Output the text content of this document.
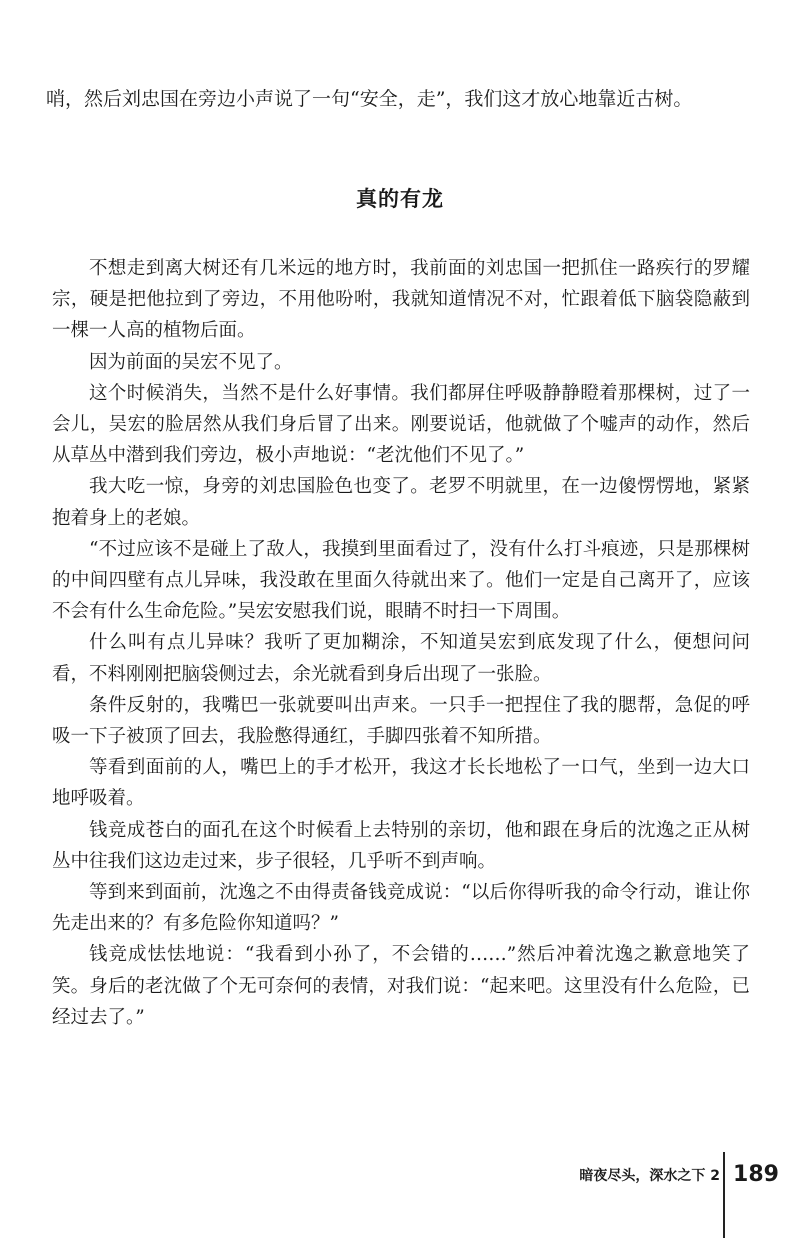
哨，然后刘忠国在旁边小声说了一句“安全，走”，我们这才放心地靠近古树。

真的有龙

不想走到离大树还有几米远的地方时，我前面的刘忠国一把抓住一路疾行的罗耀宗，硬是把他拉到了旁边，不用他吩咐，我就知道情况不对，忙跟着低下脑袋隐蔽到一棵一人高的植物后面。

因为前面的吴宏不见了。

这个时候消失，当然不是什么好事情。我们都屏住呼吸静静瞪着那棵树，过了一会儿，吴宏的脸居然从我们身后冒了出来。刚要说话，他就做了个嘘声的动作，然后从草丛中潜到我们旁边，极小声地说：“老沈他们不见了。”

我大吃一惊，身旁的刘忠国脸色也变了。老罗不明就里，在一边傻愣愣地，紧紧抱着身上的老娘。

“不过应该不是碰上了敌人，我摸到里面看过了，没有什么打斗痕迹，只是那棵树的中间四壁有点儿异味，我没敢在里面久待就出来了。他们一定是自己离开了，应该不会有什么生命危险。”吴宏安慰我们说，眼睛不时扫一下周围。

什么叫有点儿异味？我听了更加糊涂，不知道吴宏到底发现了什么，便想问问看，不料刚刚把脑袋侧过去，余光就看到身后出现了一张脸。

条件反射的，我嘴巴一张就要叫出声来。一只手一把捏住了我的腮帮，急促的呼吸一下子被顶了回去，我脸憋得通红，手脚四张着不知所措。

等看到面前的人，嘴巴上的手才松开，我这才长长地松了一口气，坐到一边大口地呼吸着。

钱竞成苍白的面孔在这个时候看上去特别的亲切，他和跟在身后的沈逸之正从树丛中往我们这边走过来，步子很轻，几乎听不到声响。

等到来到面前，沈逸之不由得责备钱竞成说：“以后你得听我的命令行动，谁让你先走出来的？有多危险你知道吗？”

钱竞成怯怯地说：“我看到小孙了，不会错的……”然后冲着沈逸之歉意地笑了笑。身后的老沈做了个无可奈何的表情，对我们说：“起来吧。这里没有什么危险，已经过去了。”

暗夜尽头，深水之下 2 189
